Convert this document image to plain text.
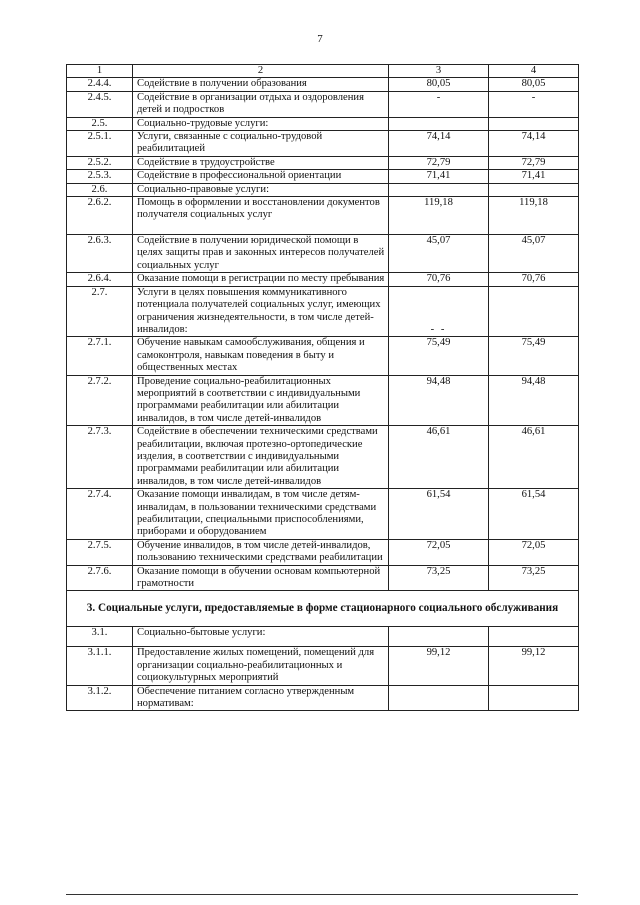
7
1	2	3	4
2.4.4.	Содействие в получении образования	80,05	80,05
2.4.5.	Содействие в организации отдыха и оздоровления детей и подростков	-	-
2.5.	Социально-трудовые услуги:		
2.5.1.	Услуги, связанные с социально-трудовой реабилитацией	74,14	74,14
2.5.2.	Содействие в трудоустройстве	72,79	72,79
2.5.3.	Содействие в профессиональной ориентации	71,41	71,41
2.6.	Социально-правовые услуги:		
2.6.2.	Помощь в оформлении и восстановлении документов получателя социальных услуг	119,18	119,18
2.6.3.	Содействие в получении юридической помощи в целях защиты прав и законных интересов получателей социальных услуг	45,07	45,07
2.6.4.	Оказание помощи в регистрации по месту пребывания	70,76	70,76
2.7.	Услуги в целях повышения коммуникативного потенциала получателей социальных услуг, имеющих ограничения жизнедеятельности, в том числе детей-инвалидов:	- -	
2.7.1.	Обучение навыкам самообслуживания, общения и самоконтроля, навыкам поведения в быту и общественных местах	75,49	75,49
2.7.2.	Проведение социально-реабилитационных мероприятий в соответствии с индивидуальными программами реабилитации или абилитации инвалидов, в том числе детей-инвалидов	94,48	94,48
2.7.3.	Содействие в обеспечении техническими средствами реабилитации, включая протезно-ортопедические изделия, в соответствии с индивидуальными программами реабилитации или абилитации инвалидов, в том числе детей-инвалидов	46,61	46,61
2.7.4.	Оказание помощи инвалидам, в том числе детям-инвалидам, в пользовании техническими средствами реабилитации, специальными приспособлениями, приборами и оборудованием	61,54	61,54
2.7.5.	Обучение инвалидов, в том числе детей-инвалидов, пользованию техническими средствами реабилитации	72,05	72,05
2.7.6.	Оказание помощи в обучении основам компьютерной грамотности	73,25	73,25
3. Социальные услуги, предоставляемые в форме стационарного социального обслуживания			
3.1.	Социально-бытовые услуги:		
3.1.1.	Предоставление жилых помещений, помещений для организации социально-реабилитационных и социокультурных мероприятий	99,12	99,12
3.1.2.	Обеспечение питанием согласно утвержденным нормативам:		
